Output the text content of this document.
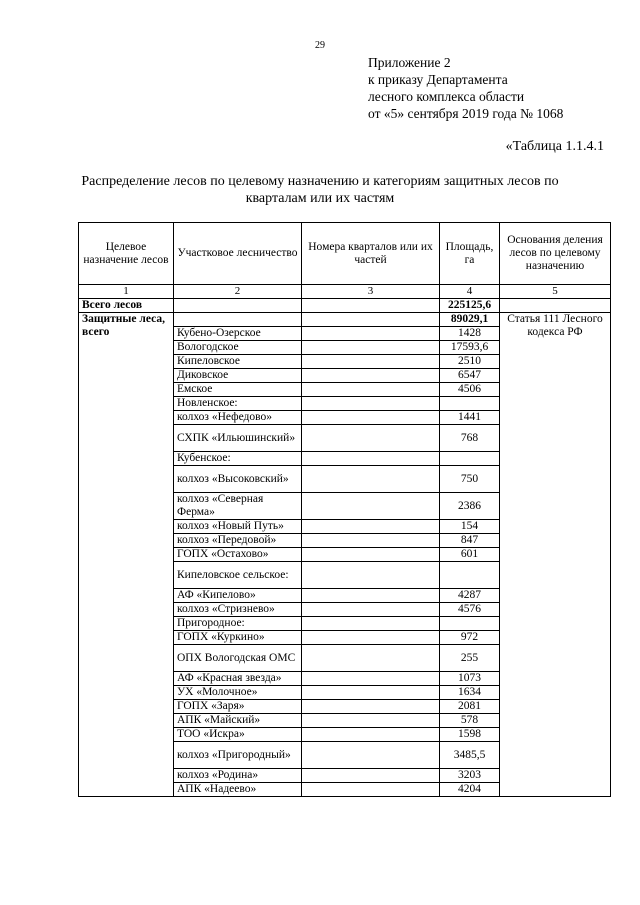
29
Приложение 2
к приказу Департамента
лесного комплекса области
от «5» сентября 2019 года № 1068
«Таблица 1.1.4.1
Распределение лесов по целевому назначению и категориям защитных лесов по кварталам или их частям
Целевое назначение лесов	Участковое лесничество	Номера кварталов или их частей	Площадь, га	Основания деления лесов по целевому назначению
1	2	3	4	5
Всего лесов			225125,6	
Защитные леса, всего			89029,1	Статья 111 Лесного кодекса РФ
	Кубено-Озерское		1428	
	Вологодское		17593,6	
	Кипеловское		2510	
	Диковское		6547	
	Емское		4506	
	Новленское:			
	колхоз «Нефедово»		1441	
	СХПК «Ильюшинский»		768	
	Кубенское:			
	колхоз «Высоковский»		750	
	колхоз «Северная Ферма»		2386	
	колхоз «Новый Путь»		154	
	колхоз «Передовой»		847	
	ГОПХ «Остахово»		601	
	Кипеловское сельское:			
	АФ «Кипелово»		4287	
	колхоз «Стризнево»		4576	
	Пригородное:			
	ГОПХ «Куркино»		972	
	ОПХ Вологодская ОМС		255	
	АФ «Красная звезда»		1073	
	УХ «Молочное»		1634	
	ГОПХ «Заря»		2081	
	АПК «Майский»		578	
	ТОО «Искра»		1598	
	колхоз «Пригородный»		3485,5	
	колхоз «Родина»		3203	
	АПК «Надеево»		4204	
